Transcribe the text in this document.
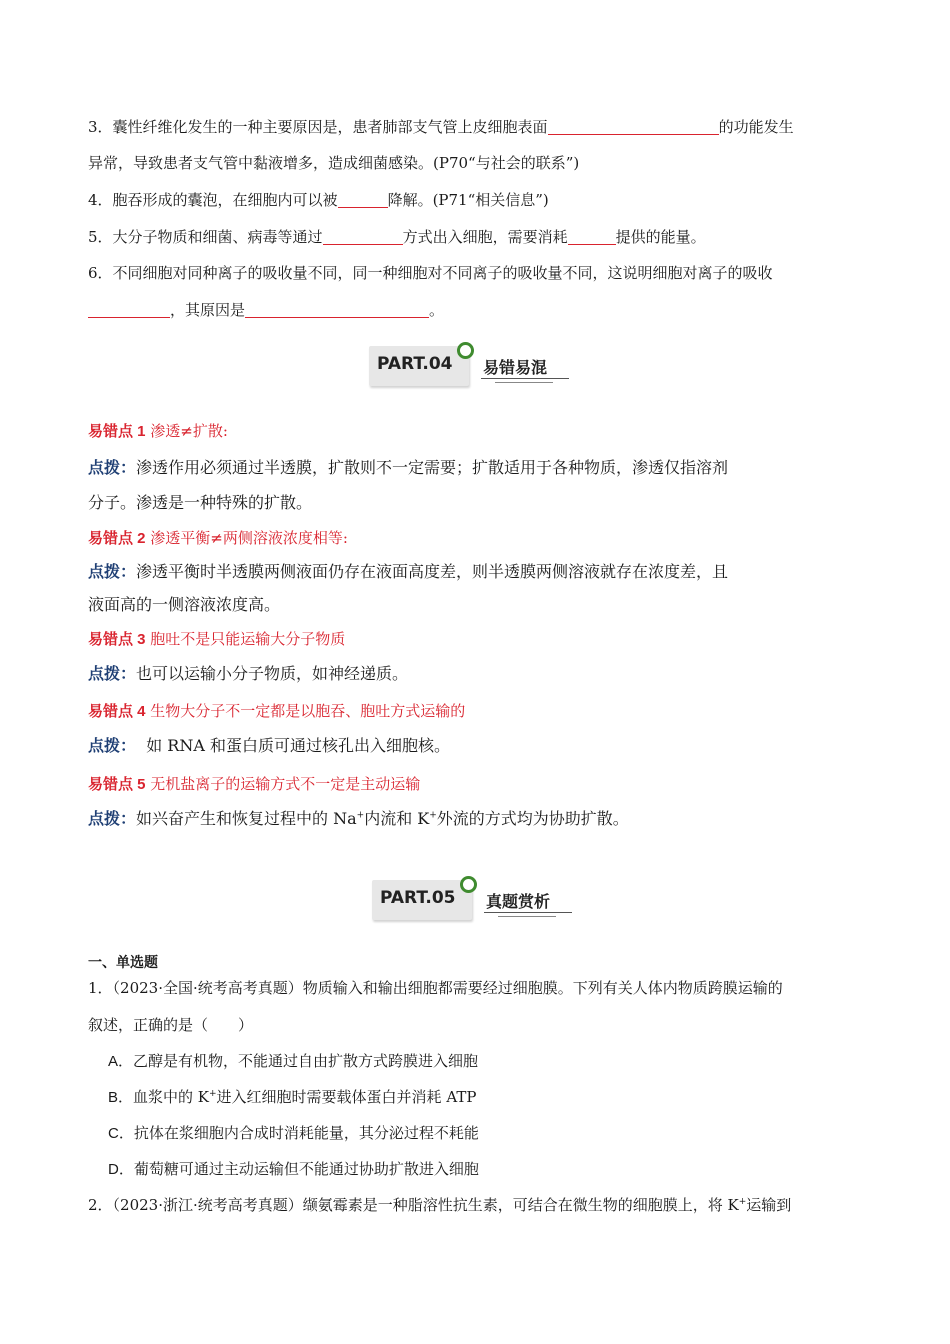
3．囊性纤维化发生的一种主要原因是，患者肺部支气管上皮细胞表面	的功能发生
异常，导致患者支气管中黏液增多，造成细菌感染。(P70“与社会的联系”)
4．胞吞形成的囊泡，在细胞内可以被	降解。(P71“相关信息”)
5．大分子物质和细菌、病毒等通过	方式出入细胞，需要消耗	提供的能量。
6．不同细胞对同种离子的吸收量不同，同一种细胞对不同离子的吸收量不同，这说明细胞对离子的吸收
，其原因是	。
PART.04 易错易混
易错点 1 渗透≠扩散:
点拨：渗透作用必须通过半透膜，扩散则不一定需要；扩散适用于各种物质，渗透仅指溶剂
分子。渗透是一种特殊的扩散。
易错点 2 渗透平衡≠两侧溶液浓度相等:
点拨：渗透平衡时半透膜两侧液面仍存在液面高度差，则半透膜两侧溶液就存在浓度差，且
液面高的一侧溶液浓度高。
易错点 3 胞吐不是只能运输大分子物质
点拨：也可以运输小分子物质，如神经递质。
易错点 4 生物大分子不一定都是以胞吞、胞吐方式运输的
点拨： 如 RNA 和蛋白质可通过核孔出入细胞核。
易错点 5 无机盐离子的运输方式不一定是主动运输
点拨：如兴奋产生和恢复过程中的 Na+内流和 K+外流的方式均为协助扩散。
PART.05 真题赏析
一、单选题
1．（2023·全国·统考高考真题）物质输入和输出细胞都需要经过细胞膜。下列有关人体内物质跨膜运输的
叙述，正确的是（　　）
A．乙醇是有机物，不能通过自由扩散方式跨膜进入细胞
B．血浆中的 K+进入红细胞时需要载体蛋白并消耗 ATP
C．抗体在浆细胞内合成时消耗能量，其分泌过程不耗能
D．葡萄糖可通过主动运输但不能通过协助扩散进入细胞
2．（2023·浙江·统考高考真题）缬氨霉素是一种脂溶性抗生素，可结合在微生物的细胞膜上，将 K+运输到
